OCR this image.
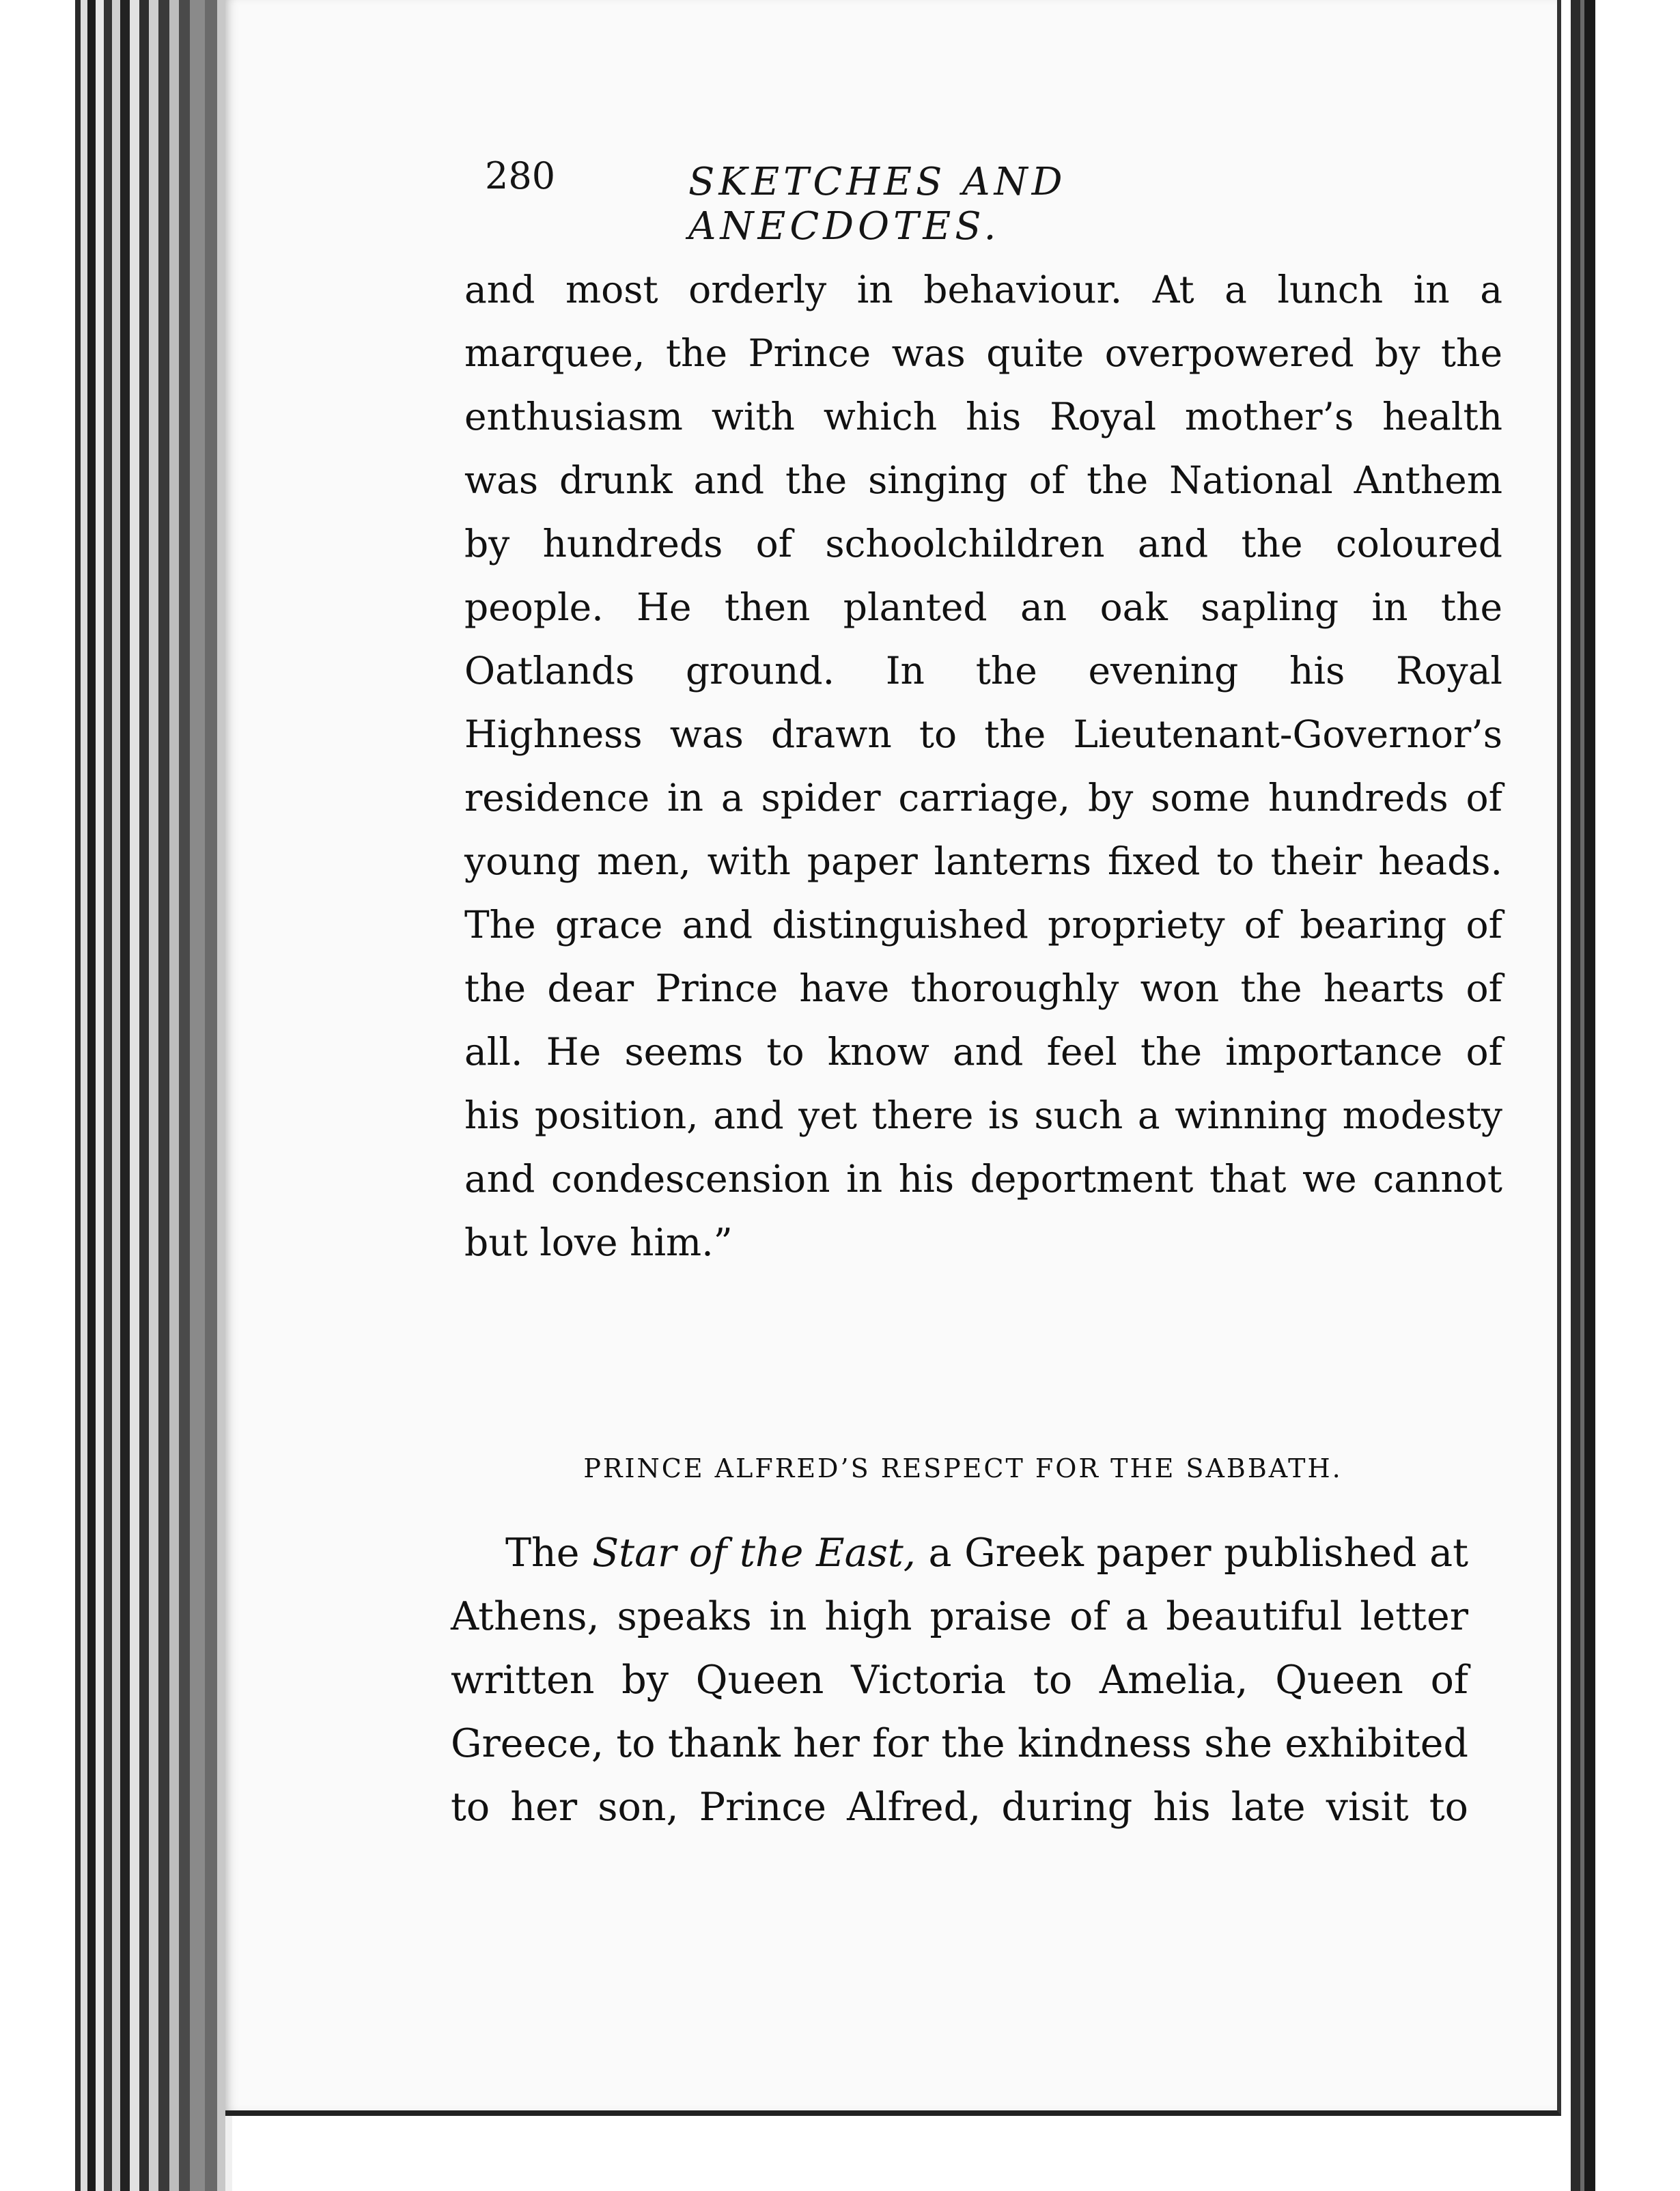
280	SKETCHES AND ANECDOTES.
and most orderly in behaviour. At a lunch in a
marquee, the Prince was quite overpowered by the
enthusiasm with which his Royal mother’s health
was drunk and the singing of the National Anthem
by hundreds of schoolchildren and the coloured
people. He then planted an oak sapling in the
Oatlands ground. In the evening his Royal
Highness was drawn to the Lieutenant-Governor’s
residence in a spider carriage, by some hundreds of
young men, with paper lanterns fixed to their heads.
The grace and distinguished propriety of bearing of
the dear Prince have thoroughly won the hearts of
all. He seems to know and feel the importance of
his position, and yet there is such a winning modesty
and condescension in his deportment that we cannot
but love him.”
PRINCE ALFRED’S RESPECT FOR THE SABBATH.
The Star of the East, a Greek paper published at
Athens, speaks in high praise of a beautiful letter
written by Queen Victoria to Amelia, Queen of
Greece, to thank her for the kindness she exhibited
to her son, Prince Alfred, during his late visit to
